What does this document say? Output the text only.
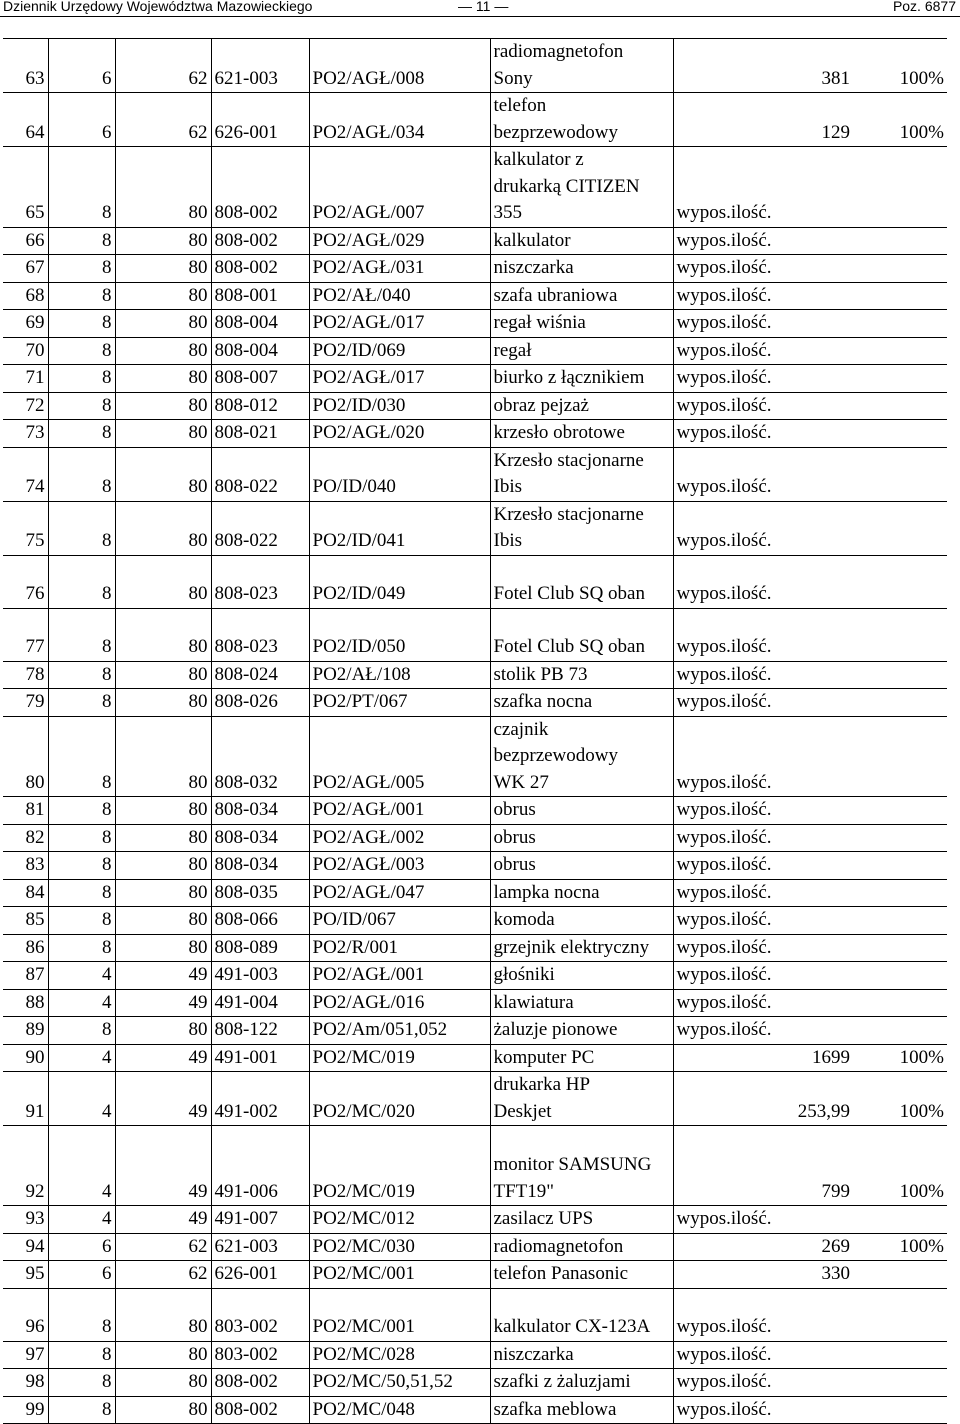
Dziennik Urzędowy Województwa Mazowieckiego	— 11 —	Poz. 6877
63	6	62	621-003	PO2/AGŁ/008	radiomagnetofon
Sony		381	100%
64	6	62	626-001	PO2/AGŁ/034	telefon
bezprzewodowy		129	100%
65	8	80	808-002	PO2/AGŁ/007	kalkulator z
drukarką CITIZEN
355	wypos.ilość.		
66	8	80	808-002	PO2/AGŁ/029	kalkulator	wypos.ilość.		
67	8	80	808-002	PO2/AGŁ/031	niszczarka	wypos.ilość.		
68	8	80	808-001	PO2/AŁ/040	szafa ubraniowa	wypos.ilość.		
69	8	80	808-004	PO2/AGŁ/017	regał wiśnia	wypos.ilość.		
70	8	80	808-004	PO2/ID/069	regał	wypos.ilość.		
71	8	80	808-007	PO2/AGŁ/017	biurko z łącznikiem	wypos.ilość.		
72	8	80	808-012	PO2/ID/030	obraz pejzaż	wypos.ilość.		
73	8	80	808-021	PO2/AGŁ/020	krzesło obrotowe	wypos.ilość.		
74	8	80	808-022	PO/ID/040	Krzesło stacjonarne
Ibis	wypos.ilość.		
75	8	80	808-022	PO2/ID/041	Krzesło stacjonarne
Ibis	wypos.ilość.		
76	8	80	808-023	PO2/ID/049	Fotel Club SQ oban	wypos.ilość.		
77	8	80	808-023	PO2/ID/050	Fotel Club SQ oban	wypos.ilość.		
78	8	80	808-024	PO2/AŁ/108	stolik PB 73	wypos.ilość.		
79	8	80	808-026	PO2/PT/067	szafka nocna	wypos.ilość.		
80	8	80	808-032	PO2/AGŁ/005	czajnik
bezprzewodowy
WK 27	wypos.ilość.		
81	8	80	808-034	PO2/AGŁ/001	obrus	wypos.ilość.		
82	8	80	808-034	PO2/AGŁ/002	obrus	wypos.ilość.		
83	8	80	808-034	PO2/AGŁ/003	obrus	wypos.ilość.		
84	8	80	808-035	PO2/AGŁ/047	lampka nocna	wypos.ilość.		
85	8	80	808-066	PO/ID/067	komoda	wypos.ilość.		
86	8	80	808-089	PO2/R/001	grzejnik elektryczny	wypos.ilość.		
87	4	49	491-003	PO2/AGŁ/001	głośniki	wypos.ilość.		
88	4	49	491-004	PO2/AGŁ/016	klawiatura	wypos.ilość.		
89	8	80	808-122	PO2/Am/051,052	żaluzje pionowe	wypos.ilość.		
90	4	49	491-001	PO2/MC/019	komputer PC		1699	100%
91	4	49	491-002	PO2/MC/020	drukarka HP
Deskjet		253,99	100%
92	4	49	491-006	PO2/MC/019	monitor SAMSUNG
TFT19"		799	100%
93	4	49	491-007	PO2/MC/012	zasilacz UPS	wypos.ilość.		
94	6	62	621-003	PO2/MC/030	radiomagnetofon		269	100%
95	6	62	626-001	PO2/MC/001	telefon Panasonic		330	
96	8	80	803-002	PO2/MC/001	kalkulator CX-123A	wypos.ilość.		
97	8	80	803-002	PO2/MC/028	niszczarka	wypos.ilość.		
98	8	80	808-002	PO2/MC/50,51,52	szafki z żaluzjami	wypos.ilość.		
99	8	80	808-002	PO2/MC/048	szafka meblowa	wypos.ilość.		
